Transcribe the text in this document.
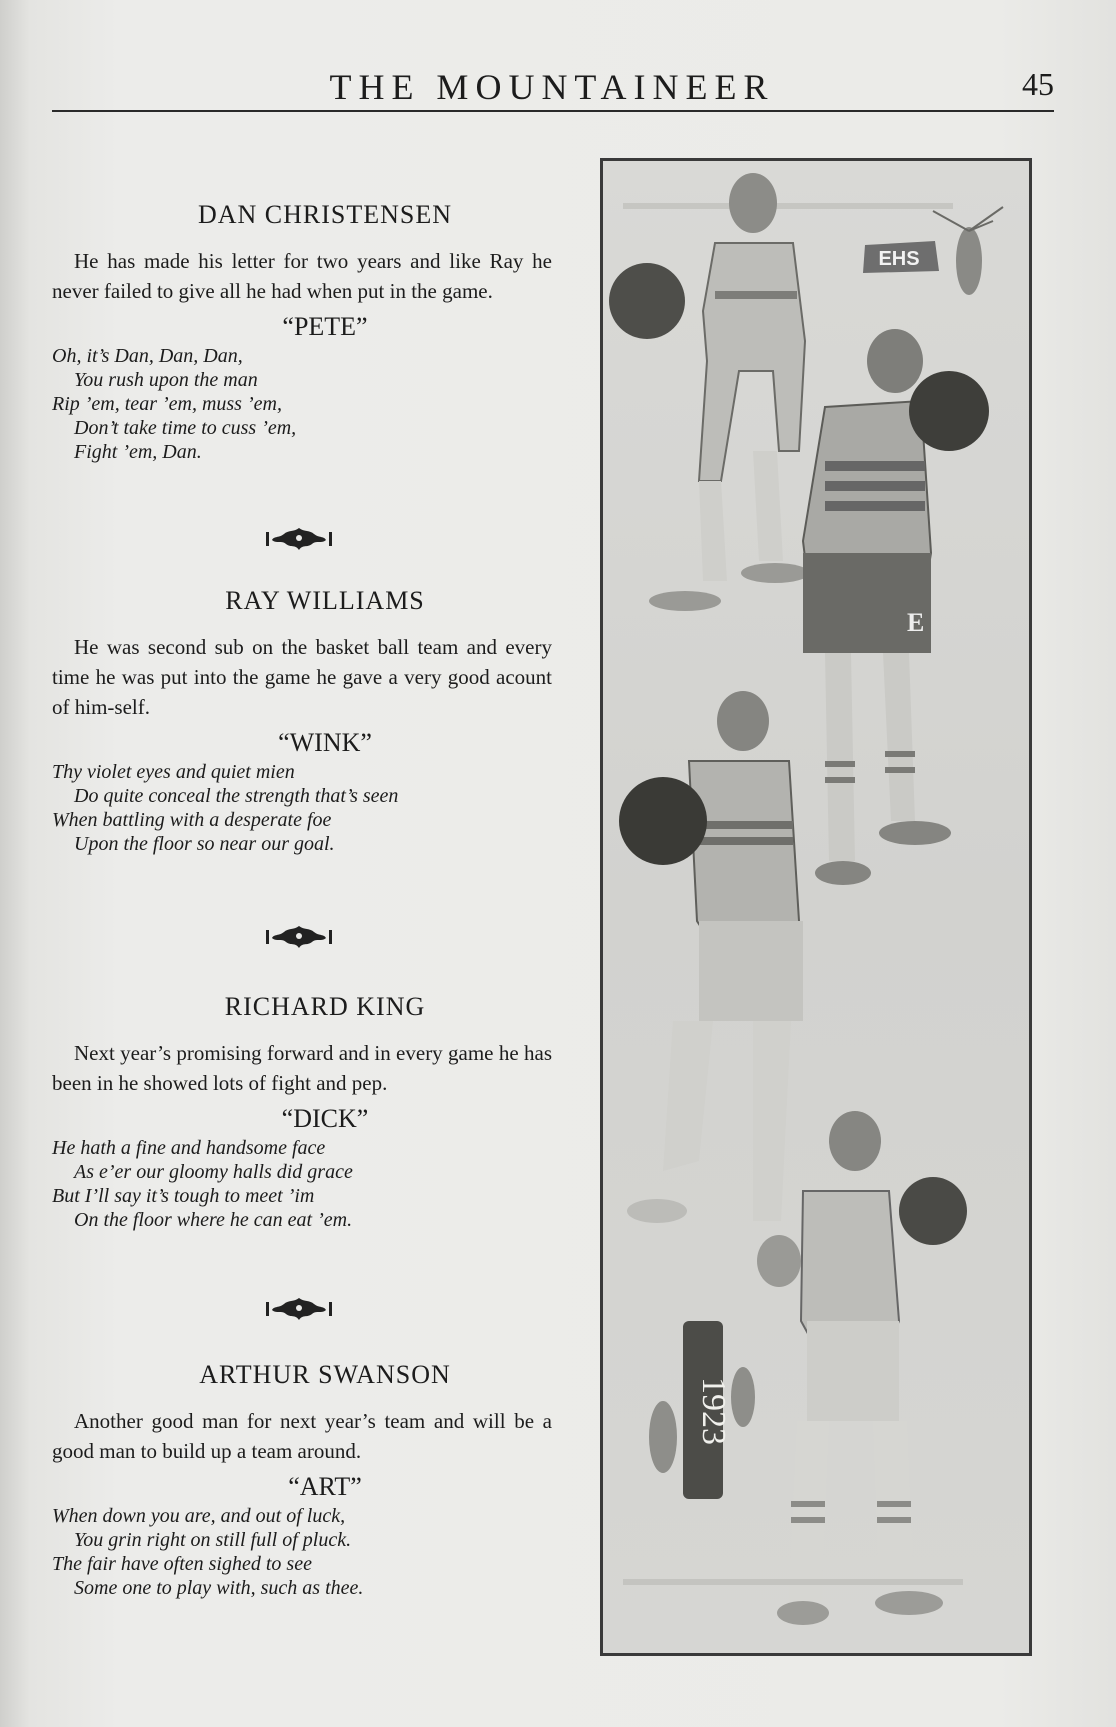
THE MOUNTAINEER	45
DAN CHRISTENSEN

He has made his letter for two years and like Ray he never failed to give all he had when put in the game.

“PETE”
Oh, it’s Dan, Dan, Dan,
You rush upon the man
Rip ’em, tear ’em, muss ’em,
Don’t take time to cuss ’em,
Fight ’em, Dan.
RAY WILLIAMS

He was second sub on the basket ball team and every time he was put into the game he gave a very good acount of him-self.

“WINK”
Thy violet eyes and quiet mien
Do quite conceal the strength that’s seen
When battling with a desperate foe
Upon the floor so near our goal.
RICHARD KING

Next year’s promising forward and in every game he has been in he showed lots of fight and pep.

“DICK”
He hath a fine and handsome face
As e’er our gloomy halls did grace
But I’ll say it’s tough to meet ’im
On the floor where he can eat ’em.
ARTHUR SWANSON

Another good man for next year’s team and will be a good man to build up a team around.

“ART”
When down you are, and out of luck,
You grin right on still full of pluck.
The fair have often sighed to see
Some one to play with, such as thee.
EHS
E
1923
